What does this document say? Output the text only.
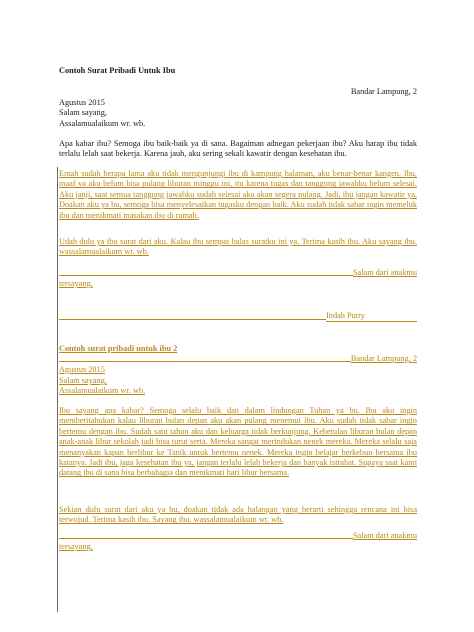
Contoh Surat Pribadi Untuk Ibu
Bandar Lampung, 2
Agustus 2015
Salam sayang,
Assalamualaikum wr. wb.
Apa kabar ibu? Semoga ibu baik-baik ya di sana. Bagaiman adnegan pekerjaan ibu? Aku harap ibu tidak terlalu lelah saat bekerja. Karena jauh, aku sering sekali kawatir dengan kesehatan ibu.
Entah sudah berapa lama aku tidak mengunjungi ibu di kampung halaman, aku benar-benar kangen. Ibu, maaf ya aku belum bisa pulang liburan minggu ini, itu karena tugas dan tanggung jawabku belum selesai. Aku janji, saat semua tanggung jawabku sudah selesai aku akan segera pulang. Jadi, ibu jangan kawatir ya. Doakan aku ya bu, semoga bisa menyelesaikan tugasku dengan baik. Aku sudah tidak sabar ingin memeluk ibu dan menikmati masakan ibu di rumah.
Udah dulu ya ibu surat dari aku. Kalau ibu sempat balas suratku ini ya. Terima kasih ibu. Aku sayang ibu. wassalamualaikum wr. wb.
Salam dari anakmu
tersayang,
Indah Putry
Contoh surat pribadi untuk ibu 2
Bandar Lampung, 2
Agustus 2015
Salam sayang,
Assalamualaikum wr. wb.
Ibu sayang apa kabar? Semoga selalu baik dan dalam lindungan Tuhan ya bu. Ibu aku ingin memberitahukan kalau liburan bulan depan aku akan pulang menemui ibu. Aku sudah tidak sabar ingin bertemu dengan ibu. Sudah satu tahun aku dan keluarga tidak berkunjung. Kebetulan liburan bulan depan anak-anak libur sekolah jadi bisa turut serta. Mereka sangat merindukan nenek mereka. Mereka selalu saja menanyakan kapan berlibur ke Tanik untuk bertemu nenek. Mereka ingin belajar berkebun bersama ibu katanya. Jadi ibu, jaga kesehatan ibu ya, jangan terlalu lelah bekerja dan banyak istrahat. Supaya saat kami datang ibu di sana bisa berbahagia dan menikmati hari libur bersama.
Sekian dulu surat dari aku ya bu, doakan tidak ada halangan yang berarti sehingga rencana ini bisa terwujud. Terima kasih ibu. Sayang ibu. wassalamualaikum wr. wb.
Salam dari anakmu
tersayang,
